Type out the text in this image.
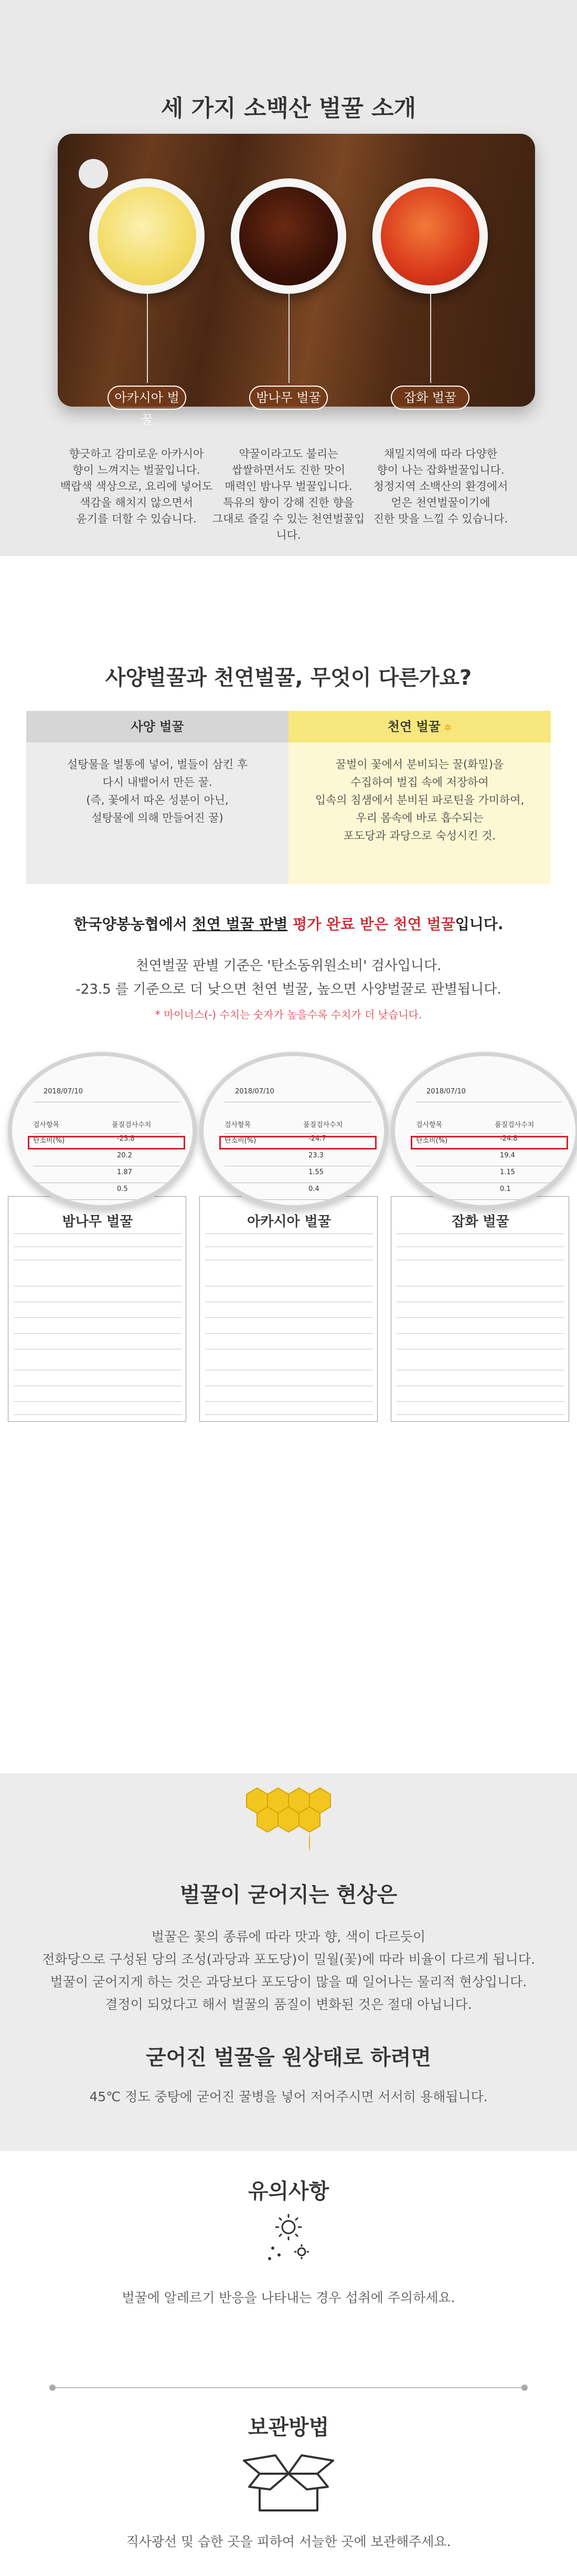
세 가지 소백산 벌꿀 소개
아카시아 벌꿀
밤나무 벌꿀	잡화 벌꿀
향긋하고 감미로운 아카시아
향이 느껴지는 벌꿀입니다.
백랍색 색상으로, 요리에 넣어도
색감을 해치지 않으면서
윤기를 더할 수 있습니다.
약꿀이라고도 불리는
쌉쌀하면서도 진한 맛이
매력인 밤나무 벌꿀입니다.
특유의 향이 강해 진한 향을
그대로 즐길 수 있는 천연벌꿀입니다.
채밀지역에 따라 다양한
향이 나는 잡화벌꿀입니다.
청정지역 소백산의 환경에서
얻은 천연벌꿀이기에
진한 맛을 느낄 수 있습니다.
사양벌꿀과 천연벌꿀, 무엇이 다른가요?
사양 벌꿀	천연 벌꿀 ✲
설탕물을 벌통에 넣어, 벌들이 삼킨 후
다시 내뱉어서 만든 꿀.
(즉, 꽃에서 따온 성분이 아닌,
설탕물에 의해 만들어진 꿀)
꿀벌이 꽃에서 분비되는 꿀(화밀)을
수집하여 벌집 속에 저장하여
입속의 침샘에서 분비된 파로틴을 가미하여,
우리 몸속에 바로 흡수되는
포도당과 과당으로 숙성시킨 것.
한국양봉농협에서 천연 벌꿀 판별 평가 완료 받은 천연 벌꿀입니다.
천연벌꿀 판별 기준은 '탄소동위원소비' 검사입니다.
-23.5 를 기준으로 더 낮으면 천연 벌꿀, 높으면 사양벌꿀로 판별됩니다.
* 마이너스(-) 수치는 숫자가 높을수록 수치가 더 낮습니다.
밤나무 벌꿀	아카시아 벌꿀	잡화 벌꿀
2018/07/10
검사항목	품질검사수치
탄소비(%)	-23.8
20.2
1.87
0.5
2018/07/10
검사항목	품질검사수치
탄소비(%)	-24.7
23.3
1.55
0.4
2018/07/10
검사항목	품질검사수치
탄소비(%)	-24.8
19.4
1.15
0.1
벌꿀이 굳어지는 현상은
벌꿀은 꽃의 종류에 따라 맛과 향, 색이 다르듯이
전화당으로 구성된 당의 조성(과당과 포도당)이 밀월(꽃)에 따라 비율이 다르게 됩니다.
벌꿀이 굳어지게 하는 것은 과당보다 포도당이 많을 때 일어나는 물리적 현상입니다.
결정이 되었다고 해서 벌꿀의 품질이 변화된 것은 절대 아닙니다.
굳어진 벌꿀을 원상태로 하려면
45℃ 정도 중탕에 굳어진 꿀병을 넣어 저어주시면 서서히 용해됩니다.
유의사항
벌꿀에 알레르기 반응을 나타내는 경우 섭취에 주의하세요.
보관방법
직사광선 및 습한 곳을 피하여 서늘한 곳에 보관해주세요.
